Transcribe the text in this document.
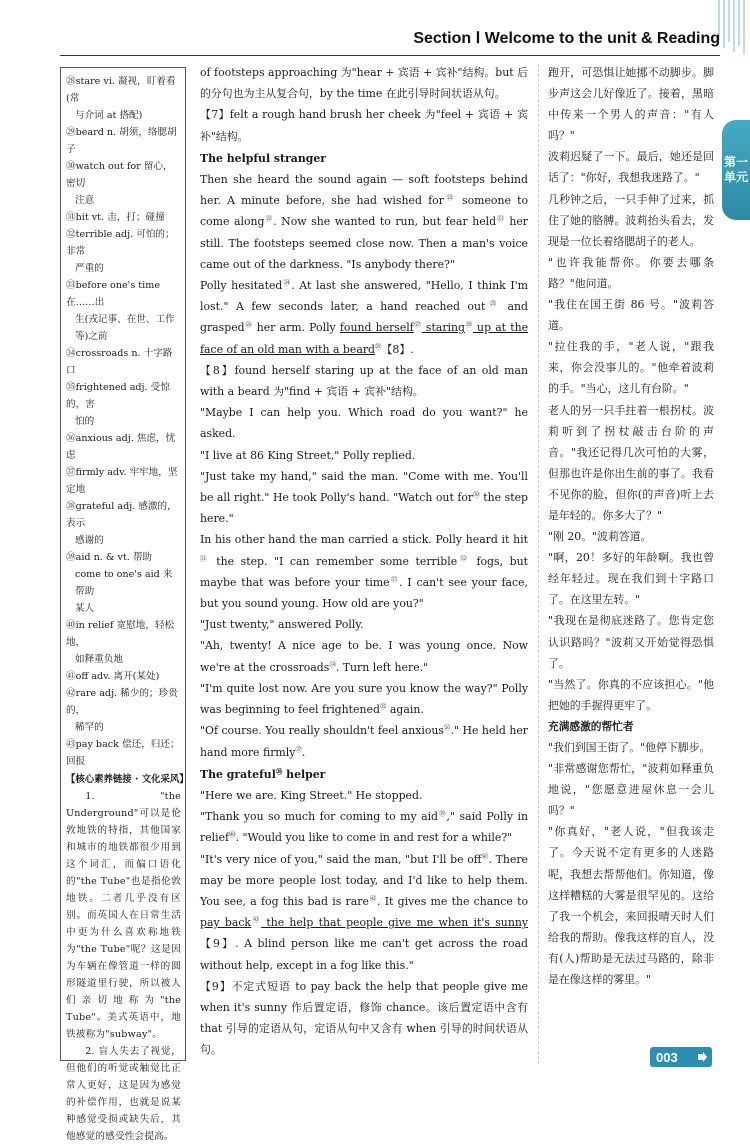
Section Ⅰ Welcome to the unit & Reading
第一
单元
㉘stare vi. 凝视，盯着看(常
与介词 at 搭配)
㉙beard n. 胡须，络腮胡子
㉚watch out for 留心，密切
注意
㉛hit vt. 击，打；碰撞
㉜terrible adj. 可怕的；非常
严重的
㉝before one's time 在……出
生(戎记事、在世、工作
等)之前
㉞crossroads n. 十字路口
㉟frightened adj. 受惊的，害
怕的
㊱anxious adj. 焦虑，忧虑
㊲firmly adv. 牢牢地，坚定地
㊳grateful adj. 感激的，表示
感谢的
㊴aid n. & vt. 帮助
come to one's aid 来帮助
某人
㊵in relief 宽慰地，轻松地，
如释重负地
㊶off adv. 离开(某处)
㊷rare adj. 稀少的；珍贵的，
稀罕的
㊸pay back 偿还，归还；回报
【核心素养链接 · 文化采风】

1. "the Underground"可以是伦敦地铁的特指，其他国家和城市的地铁都很少用到这个词汇，而偏口语化的"the Tube"也是指伦敦地铁。二者几乎没有区别。而英国人在日常生活中更为什么喜欢称地铁为"the Tube"呢？这是因为车辆在像管道一样的圆形隧道里行驶，所以被人们亲切地称为"the Tube"。美式英语中，地铁被称为"subway"。

2. 盲人失去了视觉，但他们的听觉或触觉比正常人更好，这是因为感觉的补偿作用，也就是说某种感觉受损或缺失后，其他感觉的感受性会提高。

of footsteps approaching 为"hear + 宾语 + 宾补"结构。but 后的分句也为主从复合句，by the time 在此引导时间状语从句。

【7】felt a rough hand brush her cheek 为"feel + 宾语 + 宾补"结构。

The helpful stranger

Then she heard the sound again — soft footsteps behind her. A minute before, she had wished for$^㉒$ someone to come along$^㉒$. Now she wanted to run, but fear held$^㉓$ her still. The footsteps seemed close now. Then a man's voice came out of the darkness. "Is anybody there?"

Polly hesitated$^㉔$. At last she answered, "Hello, I think I'm lost." A few seconds later, a hand reached out$^㉕$ and grasped$^㉖$ her arm. Polly found herself$^㉗$ staring$^㉘$ up at the face of an old man with a beard$^㉙$【8】.

【8】found herself staring up at the face of an old man with a beard 为"find + 宾语 + 宾补"结构。

"Maybe I can help you. Which road do you want?" he asked.

"I live at 86 King Street," Polly replied.

"Just take my hand," said the man. "Come with me. You'll be all right." He took Polly's hand. "Watch out for$^㉚$ the step here."

In his other hand the man carried a stick. Polly heard it hit$^㉛$ the step. "I can remember some terrible$^㉜$ fogs, but maybe that was before your time$^㉝$. I can't see your face, but you sound young. How old are you?"

"Just twenty," answered Polly.

"Ah, twenty! A nice age to be. I was young once. Now we're at the crossroads$^㉞$. Turn left here."

"I'm quite lost now. Are you sure you know the way?" Polly was beginning to feel frightened$^㉟$ again.

"Of course. You really shouldn't feel anxious$^㊱$." He held her hand more firmly$^㊲$.

The grateful$^㊳$ helper

"Here we are. King Street." He stopped.

"Thank you so much for coming to my aid$^㊴$," said Polly in relief$^㊵$. "Would you like to come in and rest for a while?"

"It's very nice of you," said the man, "but I'll be off$^㊶$. There may be more people lost today, and I'd like to help them. You see, a fog this bad is rare$^㊷$. It gives me the chance to pay back$^㊸$ the help that people give me when it's sunny【9】. A blind person like me can't get across the road without help, except in a fog like this."

【9】不定式短语 to pay back the help that people give me when it's sunny 作后置定语，修饰 chance。该后置定语中含有 that 引导的定语从句，定语从句中又含有 when 引导的时间状语从句。

跑开，可恐惧让她挪不动脚步。脚步声这会儿好像近了。接着，黑暗中传来一个男人的声音："有人吗？"

波莉迟疑了一下。最后，她还是回话了："你好，我想我迷路了。"

几秒钟之后，一只手伸了过来，抓住了她的胳膊。波莉抬头看去，发现是一位长着络腮胡子的老人。

"也许我能帮你。你要去哪条路？"他问道。

"我住在国王街 86 号。"波莉答道。

"拉住我的手，"老人说，"跟我来，你会没事儿的。"他牵着波莉的手。"当心，这儿有台阶。"

老人的另一只手拄着一根拐杖。波莉听到了拐杖敲击台阶的声音。"我还记得几次可怕的大雾，但那也许是你出生前的事了。我看不见你的脸，但你(的声音)听上去是年轻的。你多大了？"

"刚 20。"波莉答道。

"啊，20！多好的年龄啊。我也曾经年轻过。现在我们到十字路口了。在这里左转。"

"我现在是彻底迷路了。您肯定您认识路吗？"波莉又开始觉得恐惧了。

"当然了。你真的不应该担心。"他把她的手握得更牢了。

充满感激的帮忙者

"我们到国王街了。"他停下脚步。

"非常感谢您帮忙，"波莉如释重负地说，"您愿意进屋休息一会儿吗？"

"你真好，"老人说，"但我该走了。今天说不定有更多的人迷路呢，我想去帮帮他们。你知道，像这样糟糕的大雾是很罕见的。这给了我一个机会，来回报晴天时人们给我的帮助。像我这样的盲人，没有(人)帮助是无法过马路的，除非是在像这样的雾里。"

003
